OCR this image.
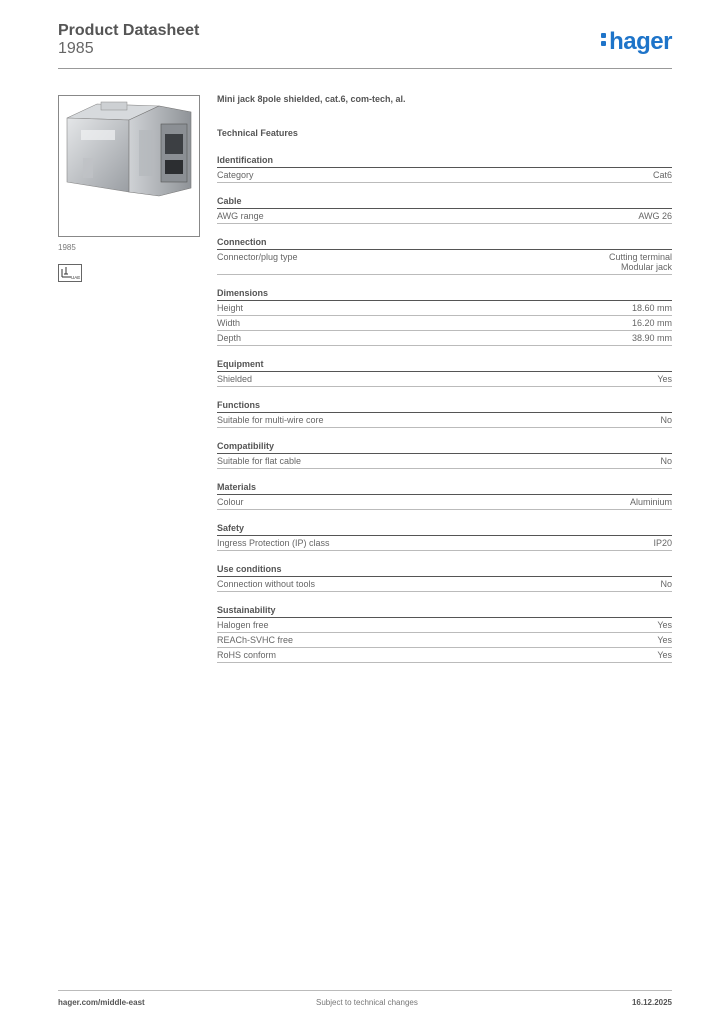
Product Datasheet
1985	hager
1985
UAE
Mini jack 8pole shielded, cat.6, com-tech, al.
Technical Features
Identification
Category	Cat6
Cable
AWG range	AWG 26
Connection
Connector/plug type	Cutting terminal
Modular jack
Dimensions
Height	18.60 mm
Width	16.20 mm
Depth	38.90 mm
Equipment
Shielded	Yes
Functions
Suitable for multi-wire core	No
Compatibility
Suitable for flat cable	No
Materials
Colour	Aluminium
Safety
Ingress Protection (IP) class	IP20
Use conditions
Connection without tools	No
Sustainability
Halogen free	Yes
REACh-SVHC free	Yes
RoHS conform	Yes
hager.com/middle-east	Subject to technical changes	16.12.2025
